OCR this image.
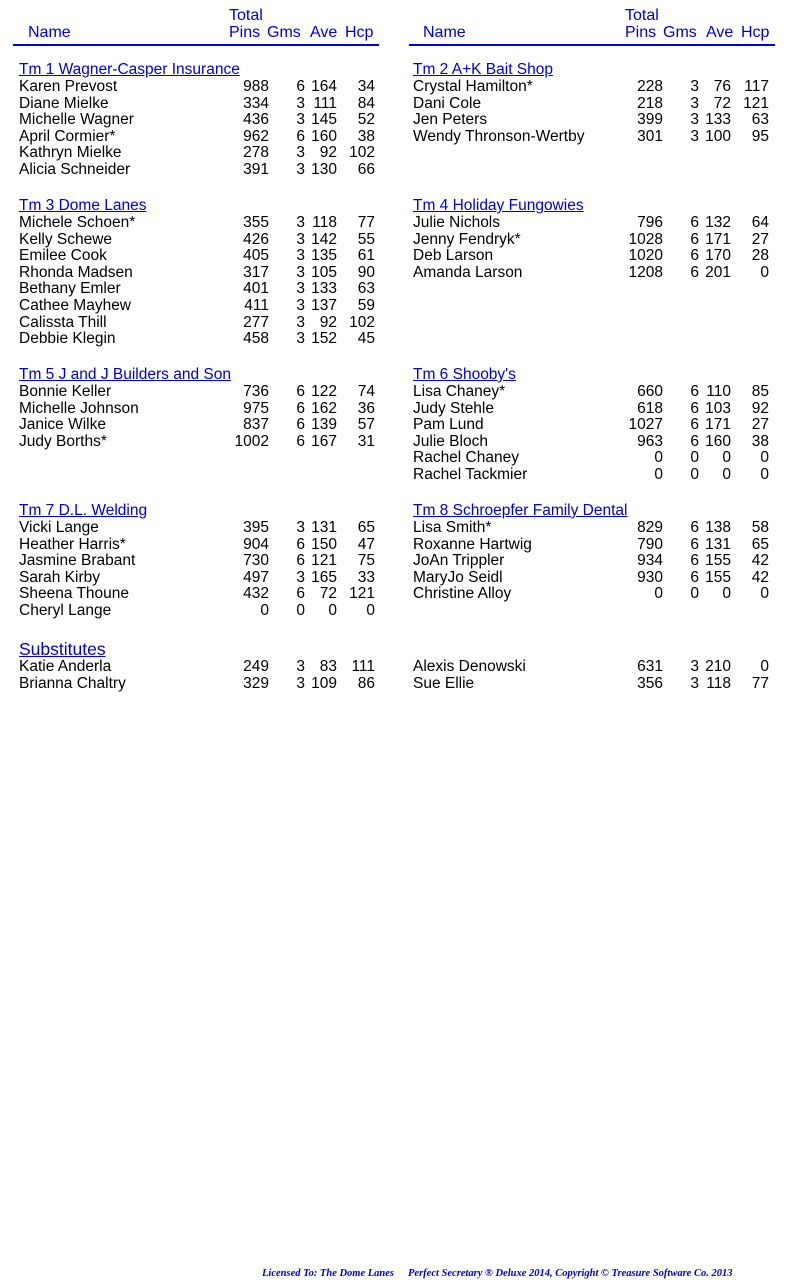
Total
Name	Pins Gms Ave Hcp
Total
Name	Pins Gms Ave Hcp
Tm 1 Wagner-Casper Insurance
Karen Prevost	988 6 164 34
Diane Mielke	334 3 111 84
Michelle Wagner	436 3 145 52
April Cormier*	962 6 160 38
Kathryn Mielke	278 3 92 102
Alicia Schneider	391 3 130 66
Tm 2 A+K Bait Shop
Crystal Hamilton*	228 3 76 117
Dani Cole	218 3 72 121
Jen Peters	399 3 133 63
Wendy Thronson-Wertby	301 3 100 95
Tm 3 Dome Lanes
Michele Schoen*	355 3 118 77
Kelly Schewe	426 3 142 55
Emilee Cook	405 3 135 61
Rhonda Madsen	317 3 105 90
Bethany Emler	401 3 133 63
Cathee Mayhew	411 3 137 59
Calissta Thill	277 3 92 102
Debbie Klegin	458 3 152 45
Tm 4 Holiday Fungowies
Julie Nichols	796 6 132 64
Jenny Fendryk*	1028 6 171 27
Deb Larson	1020 6 170 28
Amanda Larson	1208 6 201 0
Tm 5 J and J Builders and Son
Bonnie Keller	736 6 122 74
Michelle Johnson	975 6 162 36
Janice Wilke	837 6 139 57
Judy Borths*	1002 6 167 31
Tm 6 Shooby's
Lisa Chaney*	660 6 110 85
Judy Stehle	618 6 103 92
Pam Lund	1027 6 171 27
Julie Bloch	963 6 160 38
Rachel Chaney	0 0 0 0
Rachel Tackmier	0 0 0 0
Tm 7 D.L. Welding
Vicki Lange	395 3 131 65
Heather Harris*	904 6 150 47
Jasmine Brabant	730 6 121 75
Sarah Kirby	497 3 165 33
Sheena Thoune	432 6 72 121
Cheryl Lange	0 0 0 0
Tm 8 Schroepfer Family Dental
Lisa Smith*	829 6 138 58
Roxanne Hartwig	790 6 131 65
JoAn Trippler	934 6 155 42
MaryJo Seidl	930 6 155 42
Christine Alloy	0 0 0 0
Substitutes
Katie Anderla	249 3 83 111
Brianna Chaltry	329 3 109 86
Alexis Denowski	631 3 210 0
Sue Ellie	356 3 118 77
Licensed To: The Dome Lanes Perfect Secretary ® Deluxe 2014, Copyright © Treasure Software Co. 2013
